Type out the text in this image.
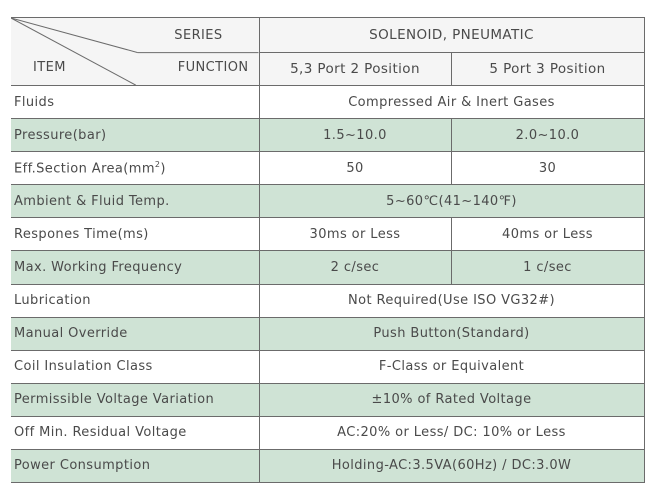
SERIES
ITEM FUNCTION	SOLENOID, PNEUMATIC	
	5,3 Port 2 Position	5 Port 3 Position
Fluids	Compressed Air & Inert Gases	
Pressure(bar)	1.5~10.0	2.0~10.0
Eff.Section $Area(mm^2)$	50	30
Ambient & Fluid Temp.	5~60℃(41~140℉)	
Respones Time(ms)	30ms or Less	40ms or Less
Max. Working Frequency	2 c/sec	1 c/sec
Lubrication	Not Required(Use ISO VG32#)	
Manual Override	Push Button(Standard)	
Coil Insulation Class	F-Class or Equivalent	
Permissible Voltage Variation	±10% of Rated Voltage	
Off Min. Residual Voltage	AC:20% or Less/ DC: 10% or Less	
Power Consumption	Holding-AC:3.5VA(60Hz) / DC:3.0W	
